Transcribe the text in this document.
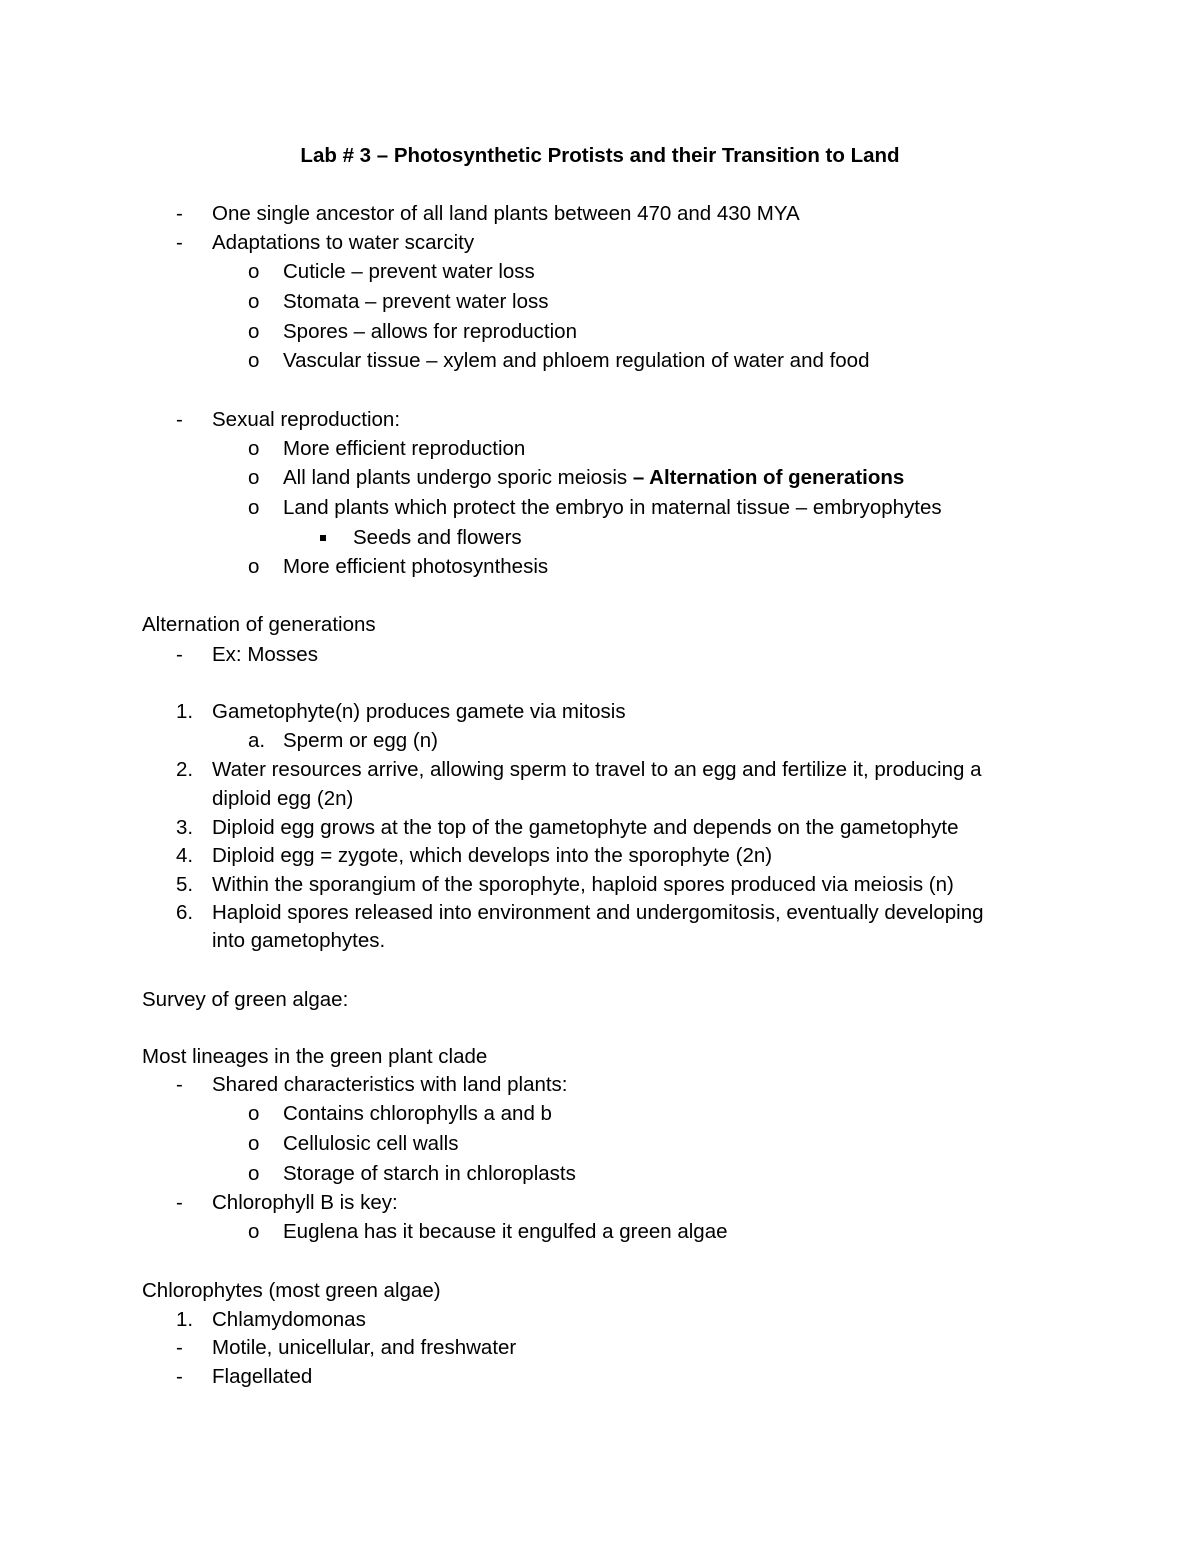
Lab # 3 – Photosynthetic Protists and their Transition to Land
- One single ancestor of all land plants between 470 and 430 MYA
- Adaptations to water scarcity
o Cuticle – prevent water loss
o Stomata – prevent water loss
o Spores – allows for reproduction
o Vascular tissue – xylem and phloem regulation of water and food
- Sexual reproduction:
o More efficient reproduction
o All land plants undergo sporic meiosis – Alternation of generations
o Land plants which protect the embryo in maternal tissue – embryophytes
Seeds and flowers
o More efficient photosynthesis
Alternation of generations
- Ex: Mosses
1. Gametophyte(n) produces gamete via mitosis
a. Sperm or egg (n)
2. Water resources arrive, allowing sperm to travel to an egg and fertilize it, producing a
diploid egg (2n)
3. Diploid egg grows at the top of the gametophyte and depends on the gametophyte
4. Diploid egg = zygote, which develops into the sporophyte (2n)
5. Within the sporangium of the sporophyte, haploid spores produced via meiosis (n)
6. Haploid spores released into environment and undergomitosis, eventually developing
into gametophytes.
Survey of green algae:
Most lineages in the green plant clade
- Shared characteristics with land plants:
o Contains chlorophylls a and b
o Cellulosic cell walls
o Storage of starch in chloroplasts
- Chlorophyll B is key:
o Euglena has it because it engulfed a green algae
Chlorophytes (most green algae)
1. Chlamydomonas
- Motile, unicellular, and freshwater
- Flagellated
